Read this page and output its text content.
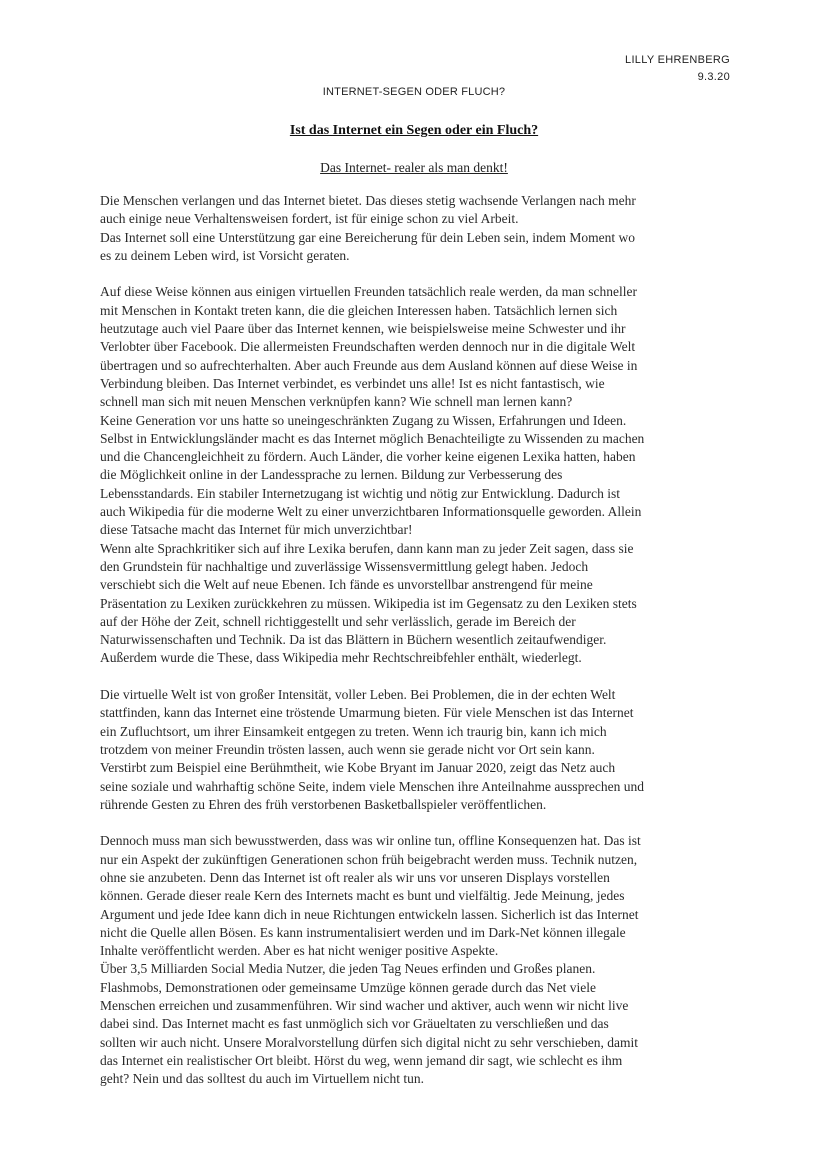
LILLY EHRENBERG
9.3.20
INTERNET-SEGEN ODER FLUCH?
Ist das Internet ein Segen oder ein Fluch?
Das Internet- realer als man denkt!
Die Menschen verlangen und das Internet bietet. Das dieses stetig wachsende Verlangen nach mehr
auch einige neue Verhaltensweisen fordert, ist für einige schon zu viel Arbeit.
Das Internet soll eine Unterstützung gar eine Bereicherung für dein Leben sein, indem Moment wo
es zu deinem Leben wird, ist Vorsicht geraten.
Auf diese Weise können aus einigen virtuellen Freunden tatsächlich reale werden, da man schneller
mit Menschen in Kontakt treten kann, die die gleichen Interessen haben. Tatsächlich lernen sich
heutzutage auch viel Paare über das Internet kennen, wie beispielsweise meine Schwester und ihr
Verlobter über Facebook. Die allermeisten Freundschaften werden dennoch nur in die digitale Welt
übertragen und so aufrechterhalten. Aber auch Freunde aus dem Ausland können auf diese Weise in
Verbindung bleiben. Das Internet verbindet, es verbindet uns alle! Ist es nicht fantastisch, wie
schnell man sich mit neuen Menschen verknüpfen kann? Wie schnell man lernen kann?
Keine Generation vor uns hatte so uneingeschränkten Zugang zu Wissen, Erfahrungen und Ideen.
Selbst in Entwicklungsländer macht es das Internet möglich Benachteiligte zu Wissenden zu machen
und die Chancengleichheit zu fördern. Auch Länder, die vorher keine eigenen Lexika hatten, haben
die Möglichkeit online in der Landessprache zu lernen. Bildung zur Verbesserung des
Lebensstandards. Ein stabiler Internetzugang ist wichtig und nötig zur Entwicklung. Dadurch ist
auch Wikipedia für die moderne Welt zu einer unverzichtbaren Informationsquelle geworden. Allein
diese Tatsache macht das Internet für mich unverzichtbar!
Wenn alte Sprachkritiker sich auf ihre Lexika berufen, dann kann man zu jeder Zeit sagen, dass sie
den Grundstein für nachhaltige und zuverlässige Wissensvermittlung gelegt haben. Jedoch
verschiebt sich die Welt auf neue Ebenen. Ich fände es unvorstellbar anstrengend für meine
Präsentation zu Lexiken zurückkehren zu müssen. Wikipedia ist im Gegensatz zu den Lexiken stets
auf der Höhe der Zeit, schnell richtiggestellt und sehr verlässlich, gerade im Bereich der
Naturwissenschaften und Technik. Da ist das Blättern in Büchern wesentlich zeitaufwendiger.
Außerdem wurde die These, dass Wikipedia mehr Rechtschreibfehler enthält, wiederlegt.
Die virtuelle Welt ist von großer Intensität, voller Leben. Bei Problemen, die in der echten Welt
stattfinden, kann das Internet eine tröstende Umarmung bieten. Für viele Menschen ist das Internet
ein Zufluchtsort, um ihrer Einsamkeit entgegen zu treten. Wenn ich traurig bin, kann ich mich
trotzdem von meiner Freundin trösten lassen, auch wenn sie gerade nicht vor Ort sein kann.
Verstirbt zum Beispiel eine Berühmtheit, wie Kobe Bryant im Januar 2020, zeigt das Netz auch
seine soziale und wahrhaftig schöne Seite, indem viele Menschen ihre Anteilnahme aussprechen und
rührende Gesten zu Ehren des früh verstorbenen Basketballspieler veröffentlichen.
Dennoch muss man sich bewusstwerden, dass was wir online tun, offline Konsequenzen hat. Das ist
nur ein Aspekt der zukünftigen Generationen schon früh beigebracht werden muss. Technik nutzen,
ohne sie anzubeten. Denn das Internet ist oft realer als wir uns vor unseren Displays vorstellen
können. Gerade dieser reale Kern des Internets macht es bunt und vielfältig. Jede Meinung, jedes
Argument und jede Idee kann dich in neue Richtungen entwickeln lassen. Sicherlich ist das Internet
nicht die Quelle allen Bösen. Es kann instrumentalisiert werden und im Dark-Net können illegale
Inhalte veröffentlicht werden. Aber es hat nicht weniger positive Aspekte.
Über 3,5 Milliarden Social Media Nutzer, die jeden Tag Neues erfinden und Großes planen.
Flashmobs, Demonstrationen oder gemeinsame Umzüge können gerade durch das Net viele
Menschen erreichen und zusammenführen. Wir sind wacher und aktiver, auch wenn wir nicht live
dabei sind. Das Internet macht es fast unmöglich sich vor Gräueltaten zu verschließen und das
sollten wir auch nicht. Unsere Moralvorstellung dürfen sich digital nicht zu sehr verschieben, damit
das Internet ein realistischer Ort bleibt. Hörst du weg, wenn jemand dir sagt, wie schlecht es ihm
geht? Nein und das solltest du auch im Virtuellem nicht tun.
